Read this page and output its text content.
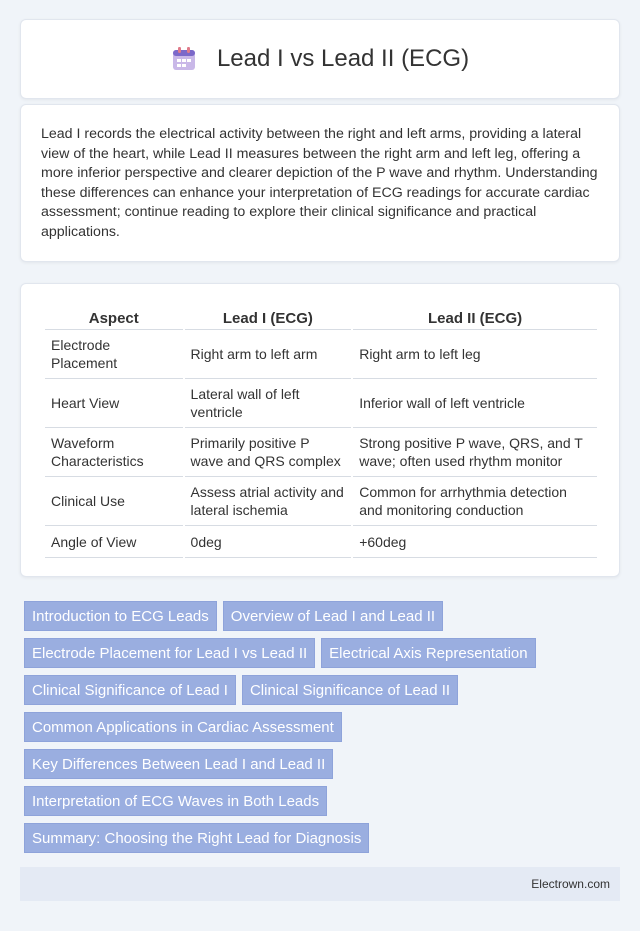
Lead I vs Lead II (ECG)

Lead I records the electrical activity between the right and left arms, providing a lateral view of the heart, while Lead II measures between the right arm and left leg, offering a more inferior perspective and clearer depiction of the P wave and rhythm. Understanding these differences can enhance your interpretation of ECG readings for accurate cardiac assessment; continue reading to explore their clinical significance and practical applications.

Aspect	Lead I (ECG)	Lead II (ECG)
Electrode Placement	Right arm to left arm	Right arm to left leg
Heart View	Lateral wall of left ventricle	Inferior wall of left ventricle
Waveform Characteristics	Primarily positive P wave and QRS complex	Strong positive P wave, QRS, and T wave; often used rhythm monitor
Clinical Use	Assess atrial activity and lateral ischemia	Common for arrhythmia detection and monitoring conduction
Angle of View	0deg	+60deg
Introduction to ECG Leads	Overview of Lead I and Lead II
Electrode Placement for Lead I vs Lead II	Electrical Axis Representation
Clinical Significance of Lead I	Clinical Significance of Lead II
Common Applications in Cardiac Assessment
Key Differences Between Lead I and Lead II
Interpretation of ECG Waves in Both Leads
Summary: Choosing the Right Lead for Diagnosis
Electrown.com
